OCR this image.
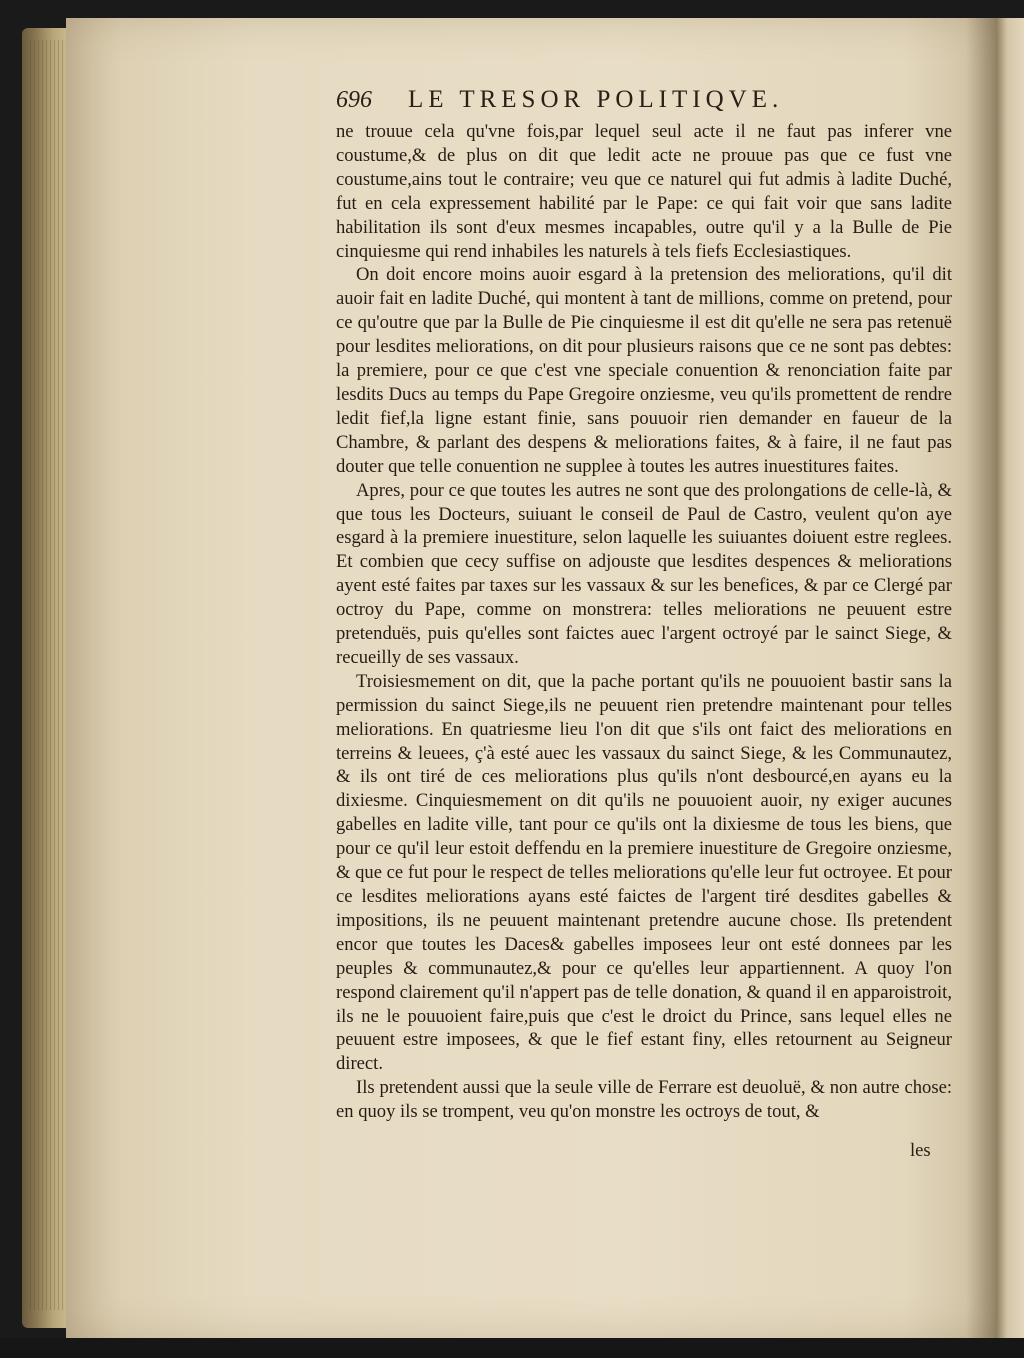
696 LE TRESOR POLITIQVE.

ne trouue cela qu'vne fois,par lequel seul acte il ne faut pas inferer vne coustume,& de plus on dit que ledit acte ne prouue pas que ce fust vne coustume,ains tout le contraire; veu que ce naturel qui fut admis à ladite Duché, fut en cela expressement habilité par le Pape: ce qui fait voir que sans ladite habilitation ils sont d'eux mesmes incapables, outre qu'il y a la Bulle de Pie cinquiesme qui rend inhabiles les naturels à tels fiefs Ecclesiastiques.

On doit encore moins auoir esgard à la pretension des meliorations, qu'il dit auoir fait en ladite Duché, qui montent à tant de millions, comme on pretend, pour ce qu'outre que par la Bulle de Pie cinquiesme il est dit qu'elle ne sera pas retenuë pour lesdites meliorations, on dit pour plusieurs raisons que ce ne sont pas debtes: la premiere, pour ce que c'est vne speciale conuention & renonciation faite par lesdits Ducs au temps du Pape Gregoire onziesme, veu qu'ils promettent de rendre ledit fief,la ligne estant finie, sans pouuoir rien demander en faueur de la Chambre, & parlant des despens & meliorations faites, & à faire, il ne faut pas douter que telle conuention ne supplee à toutes les autres inuestitures faites.

Apres, pour ce que toutes les autres ne sont que des prolongations de celle-là, & que tous les Docteurs, suiuant le conseil de Paul de Castro, veulent qu'on aye esgard à la premiere inuestiture, selon laquelle les suiuantes doiuent estre reglees. Et combien que cecy suffise on adjouste que lesdites despences & meliorations ayent esté faites par taxes sur les vassaux & sur les benefices, & par ce Clergé par octroy du Pape, comme on monstrera: telles meliorations ne peuuent estre pretenduës, puis qu'elles sont faictes auec l'argent octroyé par le sainct Siege, & recueilly de ses vassaux.

Troisiesmement on dit, que la pache portant qu'ils ne pouuoient bastir sans la permission du sainct Siege,ils ne peuuent rien pretendre maintenant pour telles meliorations. En quatriesme lieu l'on dit que s'ils ont faict des meliorations en terreins & leuees, ç'à esté auec les vassaux du sainct Siege, & les Communautez, & ils ont tiré de ces meliorations plus qu'ils n'ont desbourcé,en ayans eu la dixiesme. Cinquiesmement on dit qu'ils ne pouuoient auoir, ny exiger aucunes gabelles en ladite ville, tant pour ce qu'ils ont la dixiesme de tous les biens, que pour ce qu'il leur estoit deffendu en la premiere inuestiture de Gregoire onziesme, & que ce fut pour le respect de telles meliorations qu'elle leur fut octroyee. Et pour ce lesdites meliorations ayans esté faictes de l'argent tiré desdites gabelles & impositions, ils ne peuuent maintenant pretendre aucune chose. Ils pretendent encor que toutes les Daces& gabelles imposees leur ont esté donnees par les peuples & communautez,& pour ce qu'elles leur appartiennent. A quoy l'on respond clairement qu'il n'appert pas de telle donation, & quand il en apparoistroit, ils ne le pouuoient faire,puis que c'est le droict du Prince, sans lequel elles ne peuuent estre imposees, & que le fief estant finy, elles retournent au Seigneur direct.

Ils pretendent aussi que la seule ville de Ferrare est deuoluë, & non autre chose: en quoy ils se trompent, veu qu'on monstre les octroys de tout, &

les
